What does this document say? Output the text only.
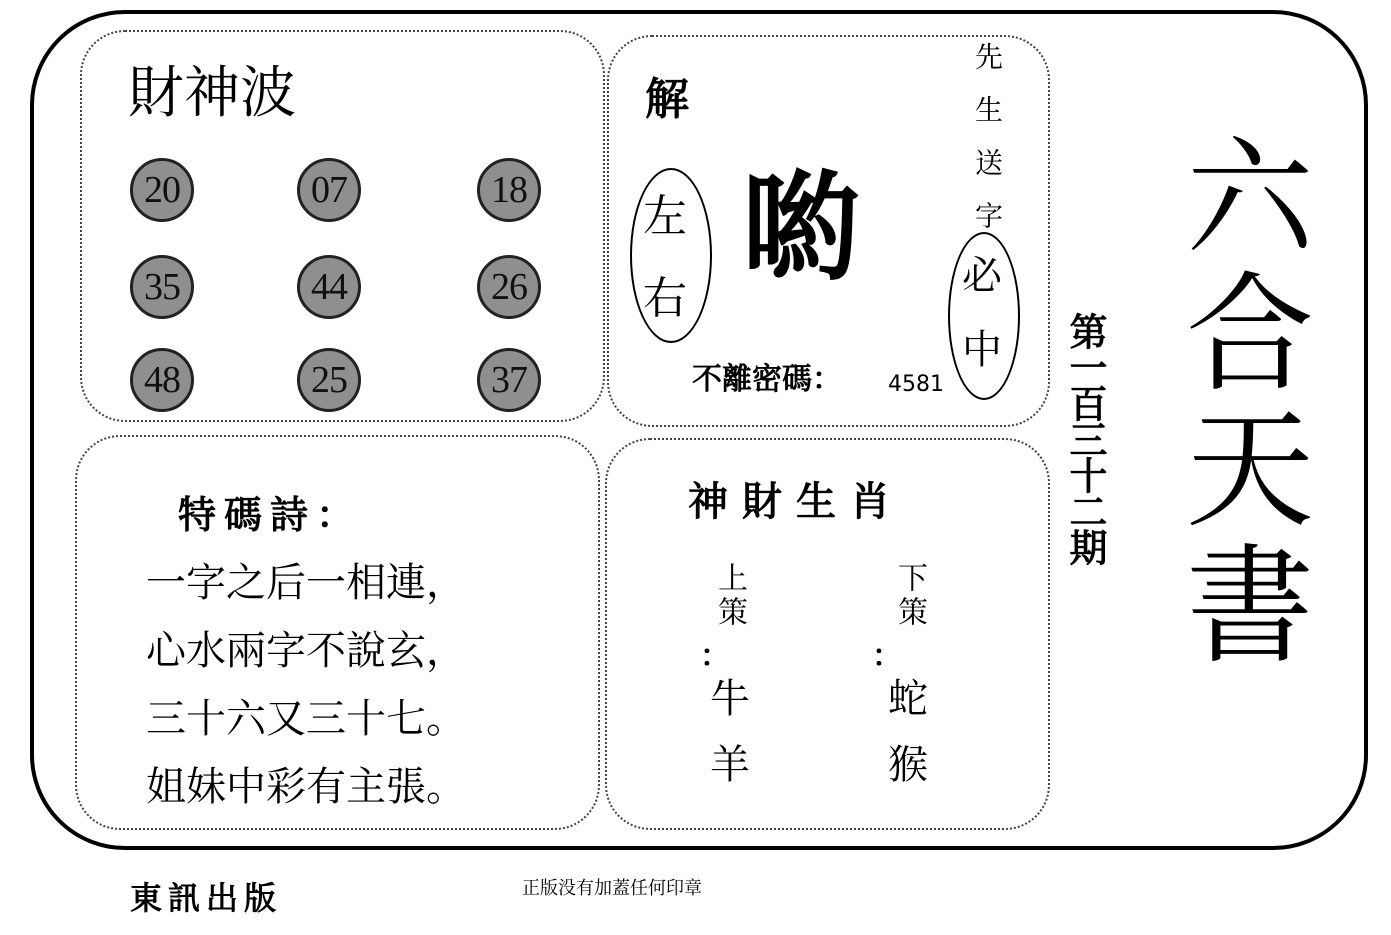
財神波
20	07	18
35	44	26
48	25	37
解
左
右
喲	先生送字
必
中
不離密碼： 4581
特碼詩：
一字之后一相連，
心水兩字不說玄，
三十六又三十七。
姐妹中彩有主張。
神財生肖
上策
：
牛
羊
下策
：
蛇
猴
第一百三十二期 六合天書
東訊出版	正版没有加蓋任何印章
